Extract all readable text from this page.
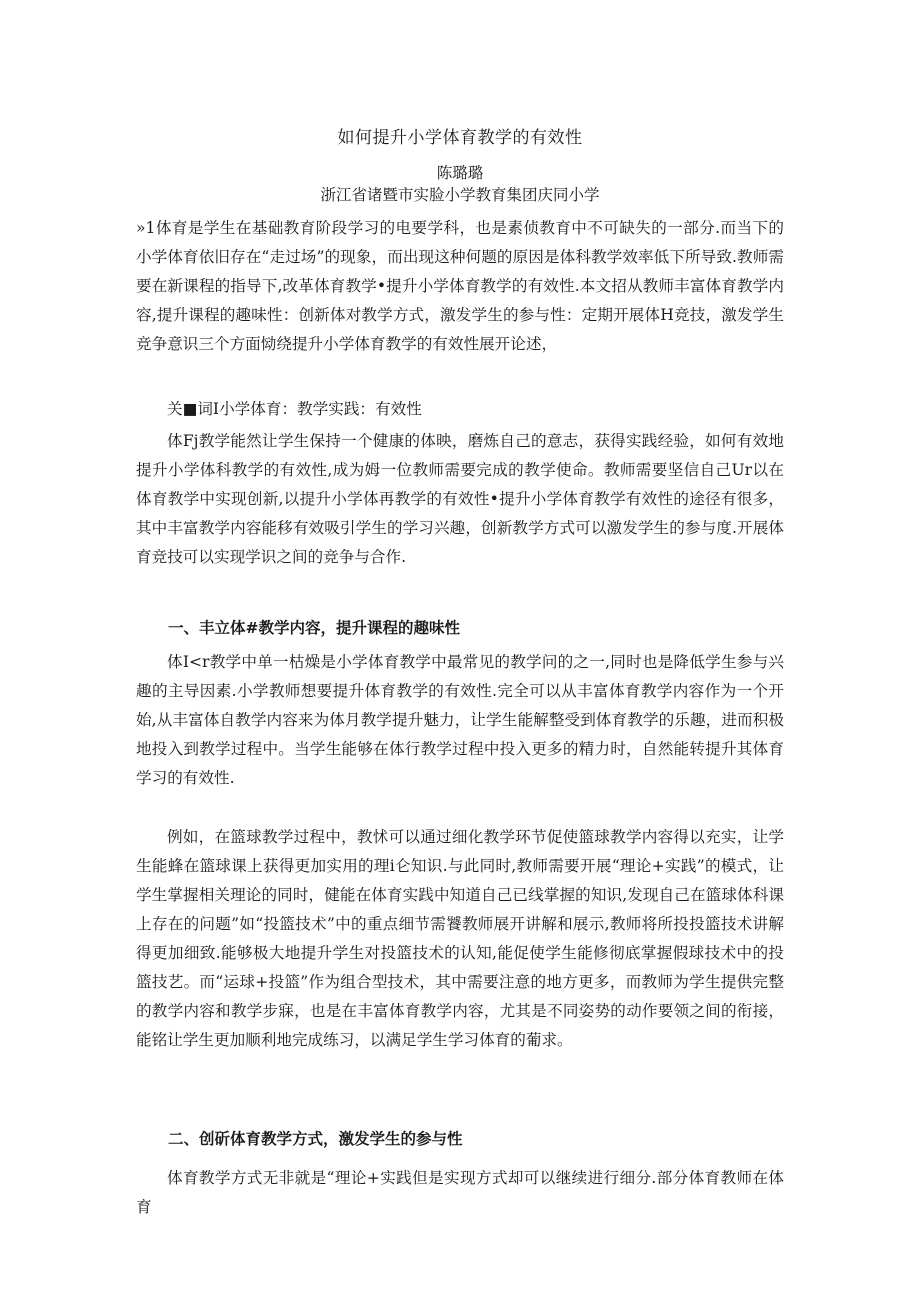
如何提升小学体育教学的有效性
陈璐璐
浙江省诸暨市实脸小学教育集团庆同小学

»1体育是学生在基础教育阶段学习的电要学科，也是素侦教育中不可缺失的一部分.而当下的小学体育依旧存在“走过场”的现象，而出现这种何题的原因是体科教学效率低下所导致.教师需要在新课程的指导下,改革体育教学•提升小学体育教学的有效性.本文招从教师丰富体育教学内容,提升课程的趣味性：创新体对教学方式，激发学生的参与性：定期开展体H竞技，激发学生竞争意识三个方面恸绕提升小学体育教学的有效性展开论述，

关■词I小学体育：教学实践：有效性

体Fj教学能然让学生保持一个健康的体映，磨炼自己的意志，获得实践经验，如何有效地提升小学体科教学的有效性,成为姆一位教师需要完成的教学使命。教师需要坚信自己Ur以在体育教学中实现创新,以提升小学体再教学的有效性•提升小学体育教学有效性的途径有很多，其中丰富教学内容能移有效吸引学生的学习兴趣，创新教学方式可以激发学生的参与度.开展体育竞技可以实现学识之间的竞争与合作.

一、丰立体#教学内容，提升课程的趣味性

体I<r教学中单一枯燥是小学体育教学中最常见的教学问的之一,同时也是降低学生参与兴趣的主导因素.小学教师想要提升体育教学的有效性.完全可以从丰富体育教学内容作为一个开始,从丰富体自教学内容来为体月教学提升魅力，让学生能解整受到体育教学的乐趣，进而积极地投入到教学过程中。当学生能够在体行教学过程中投入更多的精力时，自然能转提升其体育学习的有效性.

例如，在篮球教学过程中，教怵可以通过细化教学环节促使篮球教学内容得以充实，让学生能蜂在篮球课上获得更加实用的理i仑知识.与此同时,教师需要开展“理论+实践”的模式，让学生掌握相关理论的同时，健能在体育实践中知道自己已线掌握的知识,发现自己在篮球体科课上存在的问题”如“投篮技术”中的重点细节需饕教师展开讲解和展示,教师将所投投篮技术讲解得更加细致.能够极大地提升学生对投篮技术的认知,能促使学生能修彻底掌握假球技术中的投篮技艺。而“运球+投篮”作为组合型技术，其中需要注意的地方更多，而教师为学生提供完整的教学内容和教学步寐，也是在丰富体育教学内容，尤其是不同姿势的动作要领之间的衔接，能铭让学生更加顺利地完成练习，以满足学生学习体育的葡求。

二、创斫体育教学方式，激发学生的参与性

体育教学方式无非就是“理论+实践但是实现方式却可以继续进行细分.部分体育教师在体育
